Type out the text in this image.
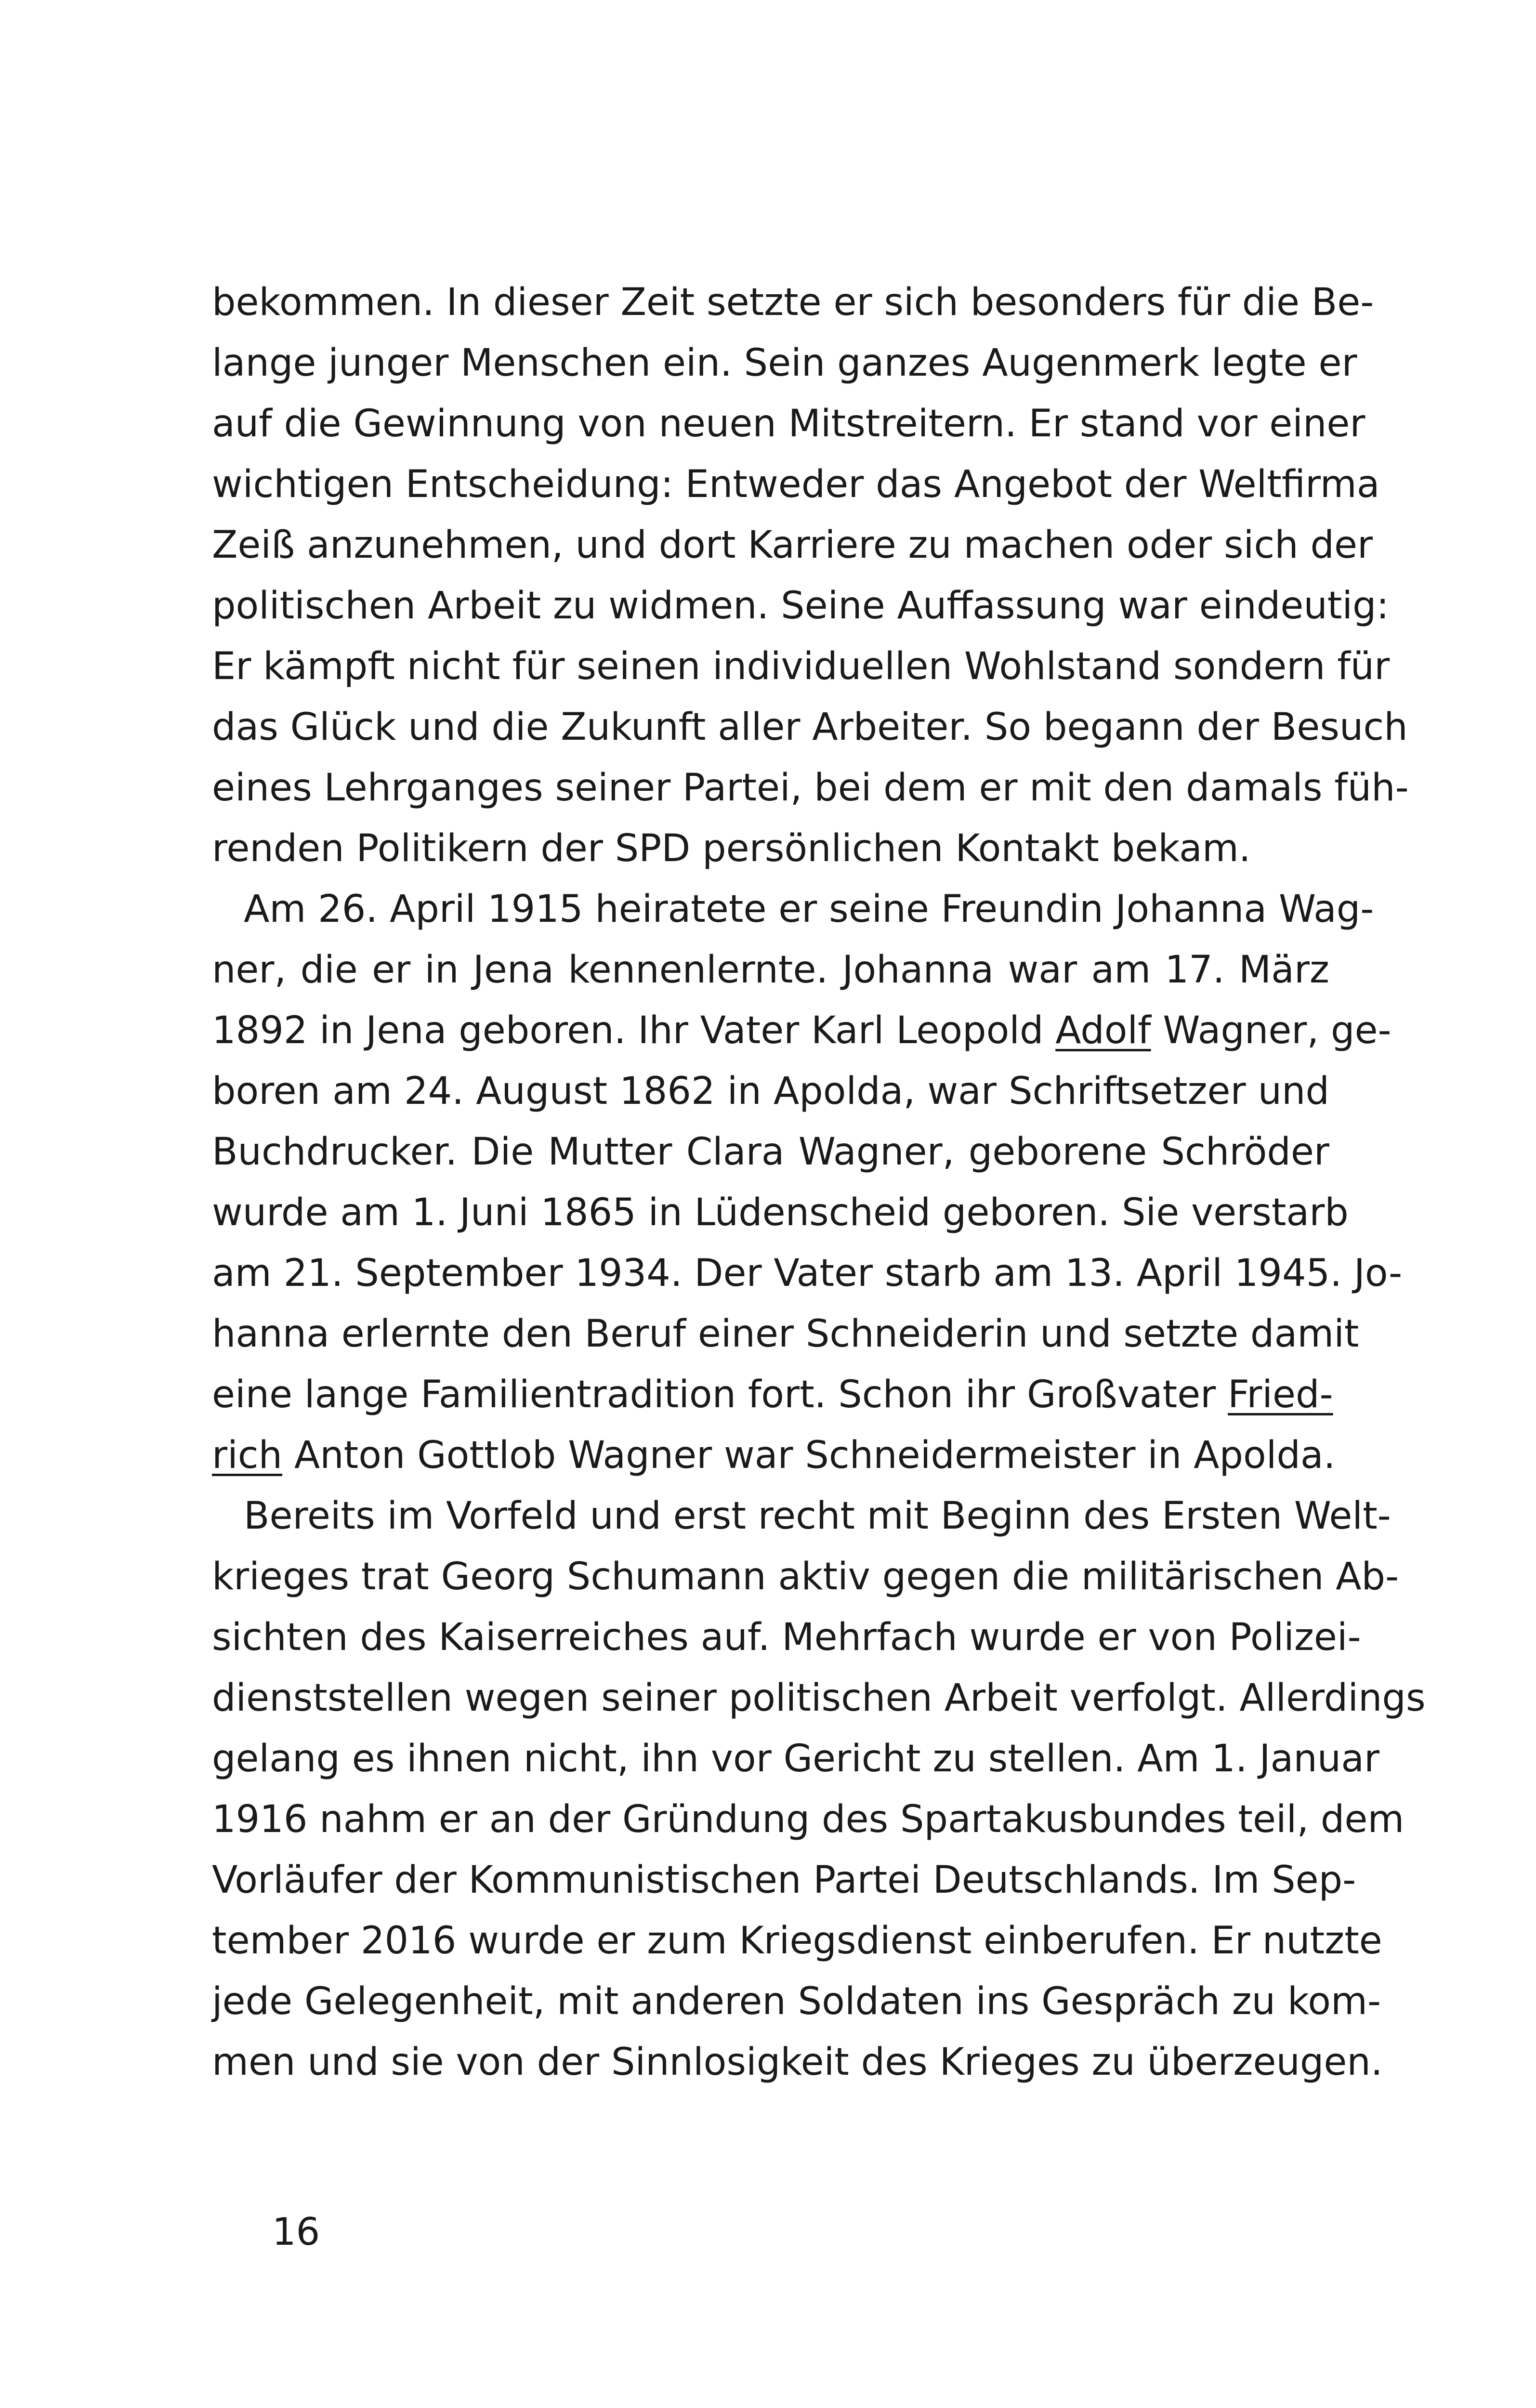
bekommen. In dieser Zeit setzte er sich besonders für die Be-
lange junger Menschen ein. Sein ganzes Augenmerk legte er
auf die Gewinnung von neuen Mitstreitern. Er stand vor einer
wichtigen Entscheidung: Entweder das Angebot der Weltfirma
Zeiß anzunehmen, und dort Karriere zu machen oder sich der
politischen Arbeit zu widmen. Seine Auffassung war eindeutig:
Er kämpft nicht für seinen individuellen Wohlstand sondern für
das Glück und die Zukunft aller Arbeiter. So begann der Besuch
eines Lehrganges seiner Partei, bei dem er mit den damals füh-
renden Politikern der SPD persönlichen Kontakt bekam.
Am 26. April 1915 heiratete er seine Freundin Johanna Wag-
ner, die er in Jena kennenlernte. Johanna war am 17. März
1892 in Jena geboren. Ihr Vater Karl Leopold Adolf Wagner, ge-
boren am 24. August 1862 in Apolda, war Schriftsetzer und
Buchdrucker. Die Mutter Clara Wagner, geborene Schröder
wurde am 1. Juni 1865 in Lüdenscheid geboren. Sie verstarb
am 21. September 1934. Der Vater starb am 13. April 1945. Jo-
hanna erlernte den Beruf einer Schneiderin und setzte damit
eine lange Familientradition fort. Schon ihr Großvater Fried-
rich Anton Gottlob Wagner war Schneidermeister in Apolda.
Bereits im Vorfeld und erst recht mit Beginn des Ersten Welt-
krieges trat Georg Schumann aktiv gegen die militärischen Ab-
sichten des Kaiserreiches auf. Mehrfach wurde er von Polizei-
dienststellen wegen seiner politischen Arbeit verfolgt. Allerdings
gelang es ihnen nicht, ihn vor Gericht zu stellen. Am 1. Januar
1916 nahm er an der Gründung des Spartakusbundes teil, dem
Vorläufer der Kommunistischen Partei Deutschlands. Im Sep-
tember 2016 wurde er zum Kriegsdienst einberufen. Er nutzte
jede Gelegenheit, mit anderen Soldaten ins Gespräch zu kom-
men und sie von der Sinnlosigkeit des Krieges zu überzeugen.
16
